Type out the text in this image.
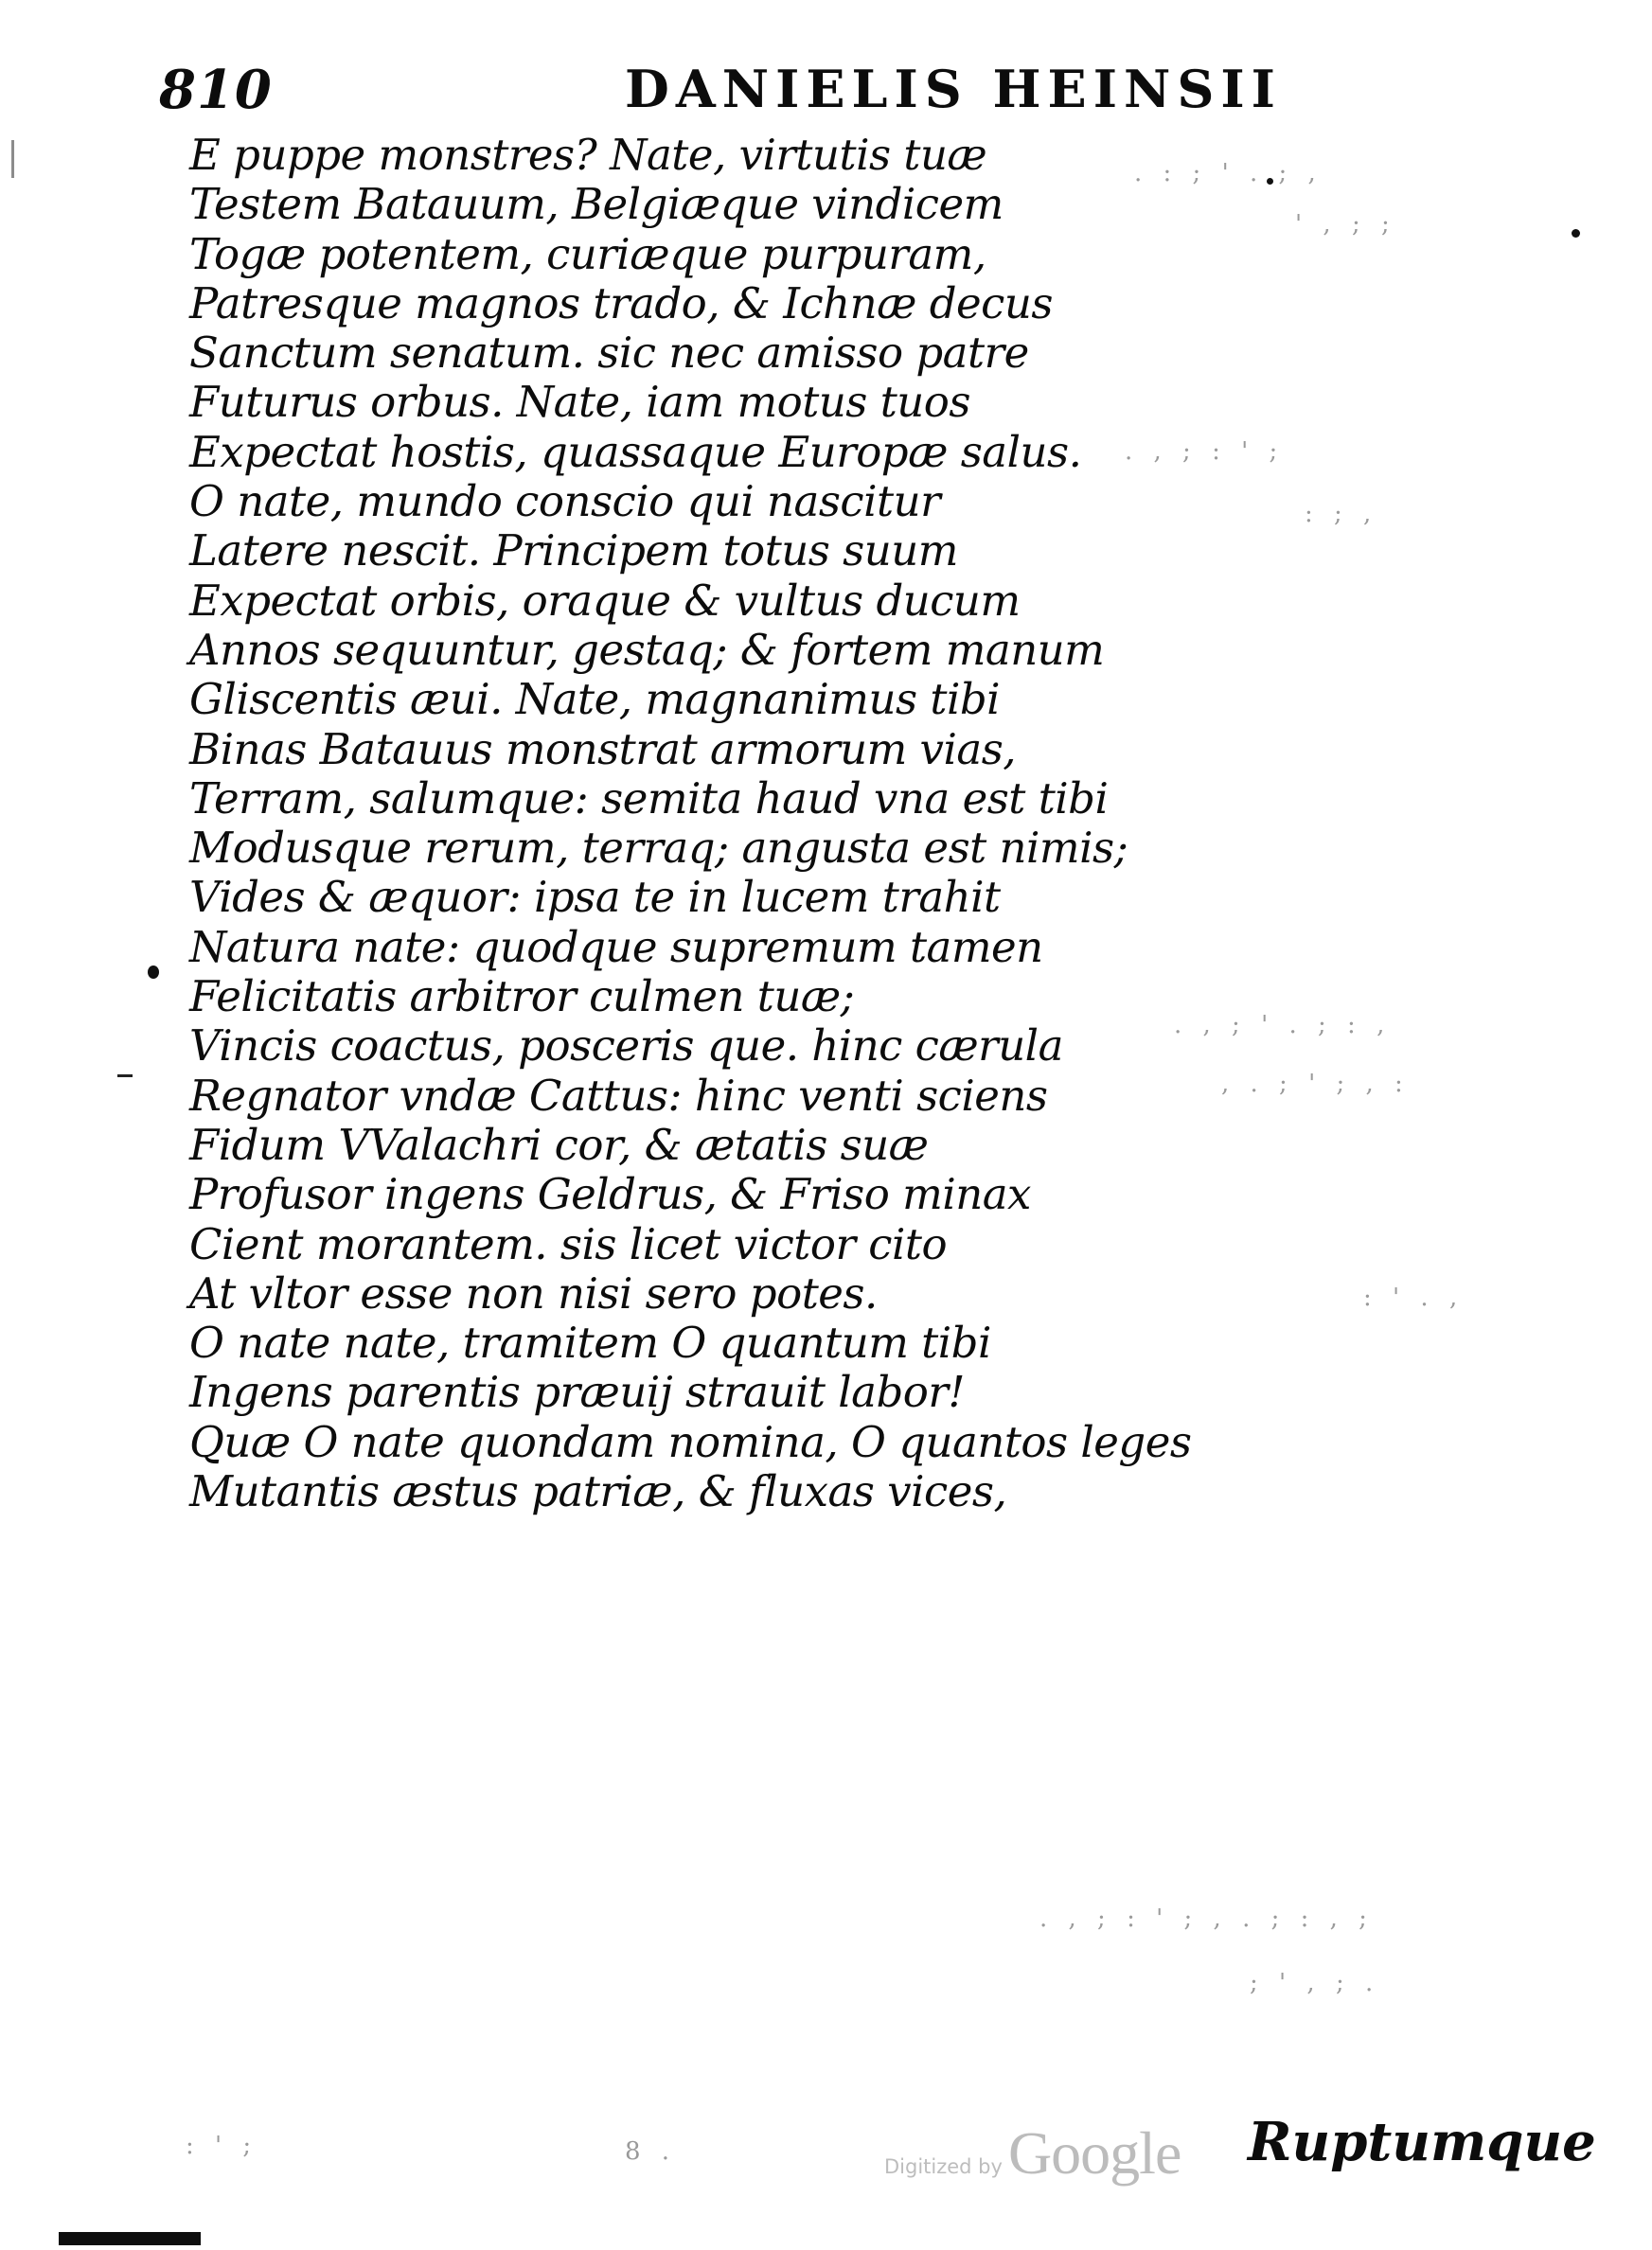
810	DANIELIS HEINSII
E puppe monstres? Nate, virtutis tuæ
Testem Batauum, Belgiæque vindicem
Togæ potentem, curiæque purpuram,
Patresque magnos trado, & Ichnæ decus
Sanctum senatum. sic nec amisso patre
Futurus orbus. Nate, iam motus tuos
Expectat hostis, quassaque Europæ salus.
O nate, mundo conscio qui nascitur
Latere nescit. Principem totus suum
Expectat orbis, oraque & vultus ducum
Annos sequuntur, gestaq; & fortem manum
Gliscentis æui. Nate, magnanimus tibi
Binas Batauus monstrat armorum vias,
Terram, salumque: semita haud vna est tibi
Modusque rerum, terraq; angusta est nimis;
Vides & æquor: ipsa te in lucem trahit
Natura nate: quodque supremum tamen
Felicitatis arbitror culmen tuæ;
Vincis coactus, posceris que. hinc cærula
Regnator vndæ Cattus: hinc venti sciens
Fidum VValachri cor, & ætatis suæ
Profusor ingens Geldrus, & Friso minax
Cient morantem. sis licet victor cito
At vltor esse non nisi sero potes.
O nate nate, tramitem O quantum tibi
Ingens parentis præuij strauit labor!
Quæ O nate quondam nomina, O quantos leges
Mutantis æstus patriæ, & fluxas vices,
Digitized by Google Ruptumque
. : ; ' . ; ,
' , ; ;
. , ; : ' ;
: ; ,
. , ; ' . ; : ,
, . ; ' ; , :
: ' . ,
. , ; : ' ; , . ; : , ;
; ' , ; .
: ' ;	8 .
